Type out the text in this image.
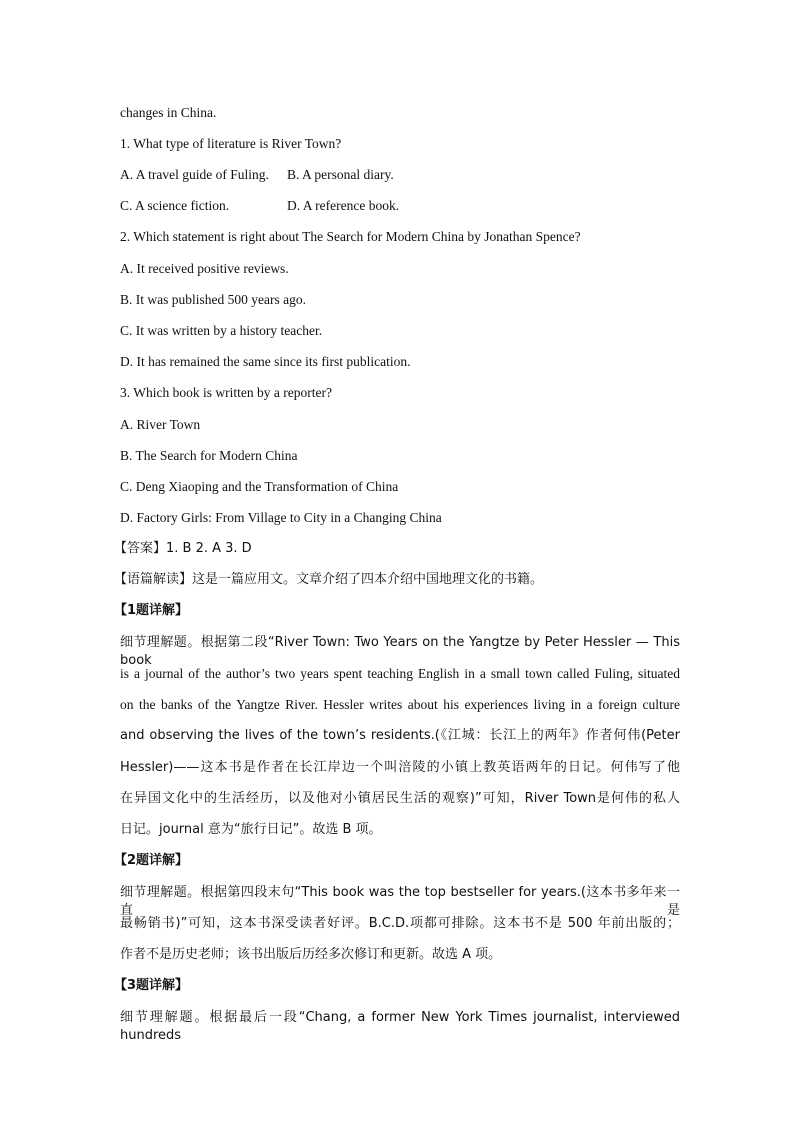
changes in China.
1. What type of literature is River Town?
A. A travel guide of Fuling. B. A personal diary.
C. A science fiction.	D. A reference book.
2. Which statement is right about The Search for Modern China by Jonathan Spence?
A. It received positive reviews.
B. It was published 500 years ago.
C. It was written by a history teacher.
D. It has remained the same since its first publication.
3. Which book is written by a reporter?
A. River Town
B. The Search for Modern China
C. Deng Xiaoping and the Transformation of China
D. Factory Girls: From Village to City in a Changing China
【答案】1. B 2. A 3. D
【语篇解读】这是一篇应用文。文章介绍了四本介绍中国地理文化的书籍。
【1题详解】
细节理解题。根据第二段“River Town: Two Years on the Yangtze by Peter Hessler — This book
is a journal of the author’s two years spent teaching English in a small town called Fuling, situated
on the banks of the Yangtze River. Hessler writes about his experiences living in a foreign culture
and observing the lives of the town’s residents.(《江城：长江上的两年》作者何伟(Peter
Hessler)——这本书是作者在长江岸边一个叫涪陵的小镇上教英语两年的日记。何伟写了他
在异国文化中的生活经历，以及他对小镇居民生活的观察)”可知，River Town是何伟的私人
日记。journal 意为“旅行日记”。故选 B 项。
【2题详解】
细节理解题。根据第四段末句“This book was the top bestseller for years.(这本书多年来一直是
最畅销书)”可知，这本书深受读者好评。B.C.D.项都可排除。这本书不是 500 年前出版的；
作者不是历史老师；该书出版后历经多次修订和更新。故选 A 项。
【3题详解】
细节理解题。根据最后一段“Chang, a former New York Times journalist, interviewed hundreds
